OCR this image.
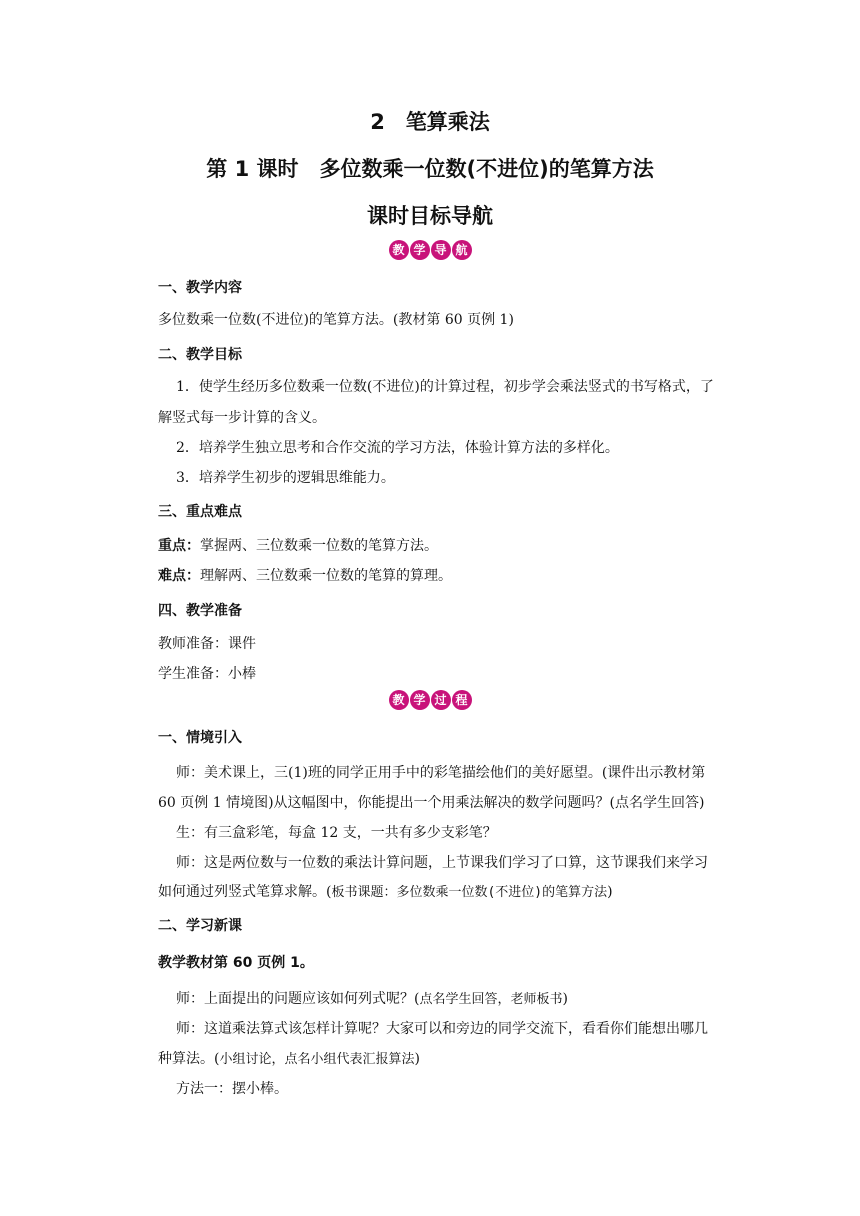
2　笔算乘法
第 1 课时　多位数乘一位数(不进位)的笔算方法
课时目标导航
教 学 导 航
一、教学内容
多位数乘一位数(不进位)的笔算方法。(教材第 60 页例 1)
二、教学目标
1．使学生经历多位数乘一位数(不进位)的计算过程，初步学会乘法竖式的书写格式，了
解竖式每一步计算的含义。
2．培养学生独立思考和合作交流的学习方法，体验计算方法的多样化。
3．培养学生初步的逻辑思维能力。
三、重点难点
重点：掌握两、三位数乘一位数的笔算方法。
难点：理解两、三位数乘一位数的笔算的算理。
四、教学准备
教师准备：课件
学生准备：小棒
教 学 过 程
一、情境引入
师：美术课上，三(1)班的同学正用手中的彩笔描绘他们的美好愿望。(课件出示教材第
60 页例 1 情境图)从这幅图中，你能提出一个用乘法解决的数学问题吗？(点名学生回答)
生：有三盒彩笔，每盒 12 支，一共有多少支彩笔？
师：这是两位数与一位数的乘法计算问题，上节课我们学习了口算，这节课我们来学习
如何通过列竖式笔算求解。(板书课题：多位数乘一位数(不进位)的笔算方法)
二、学习新课
教学教材第 60 页例 1。
师：上面提出的问题应该如何列式呢？(点名学生回答，老师板书)
师：这道乘法算式该怎样计算呢？大家可以和旁边的同学交流下，看看你们能想出哪几
种算法。(小组讨论，点名小组代表汇报算法)
方法一：摆小棒。
